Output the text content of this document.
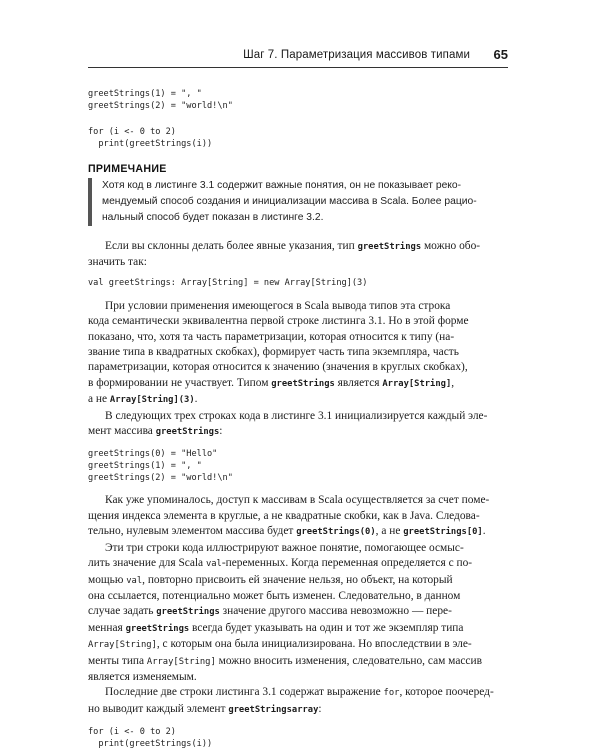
Шаг 7. Параметризация массивов типами 65
greetStrings(1) = ", "
greetStrings(2) = "world!\n"
for (i <- 0 to 2)
print(greetStrings(i))
ПРИМЕЧАНИЕ
Хотя код в листинге 3.1 содержит важные понятия, он не показывает реко-
мендуемый способ создания и инициализации массива в Scala. Более рацио-
нальный способ будет показан в листинге 3.2.

Если вы склонны делать более явные указания, тип greetStrings можно обо-

значить так:

val greetStrings: Array[String] = new Array[String](3)

При условии применения имеющегося в Scala вывода типов эта строка

кода семантически эквивалентна первой строке листинга 3.1. Но в этой форме

показано, что, хотя та часть параметризации, которая относится к типу (на-

звание типа в квадратных скобках), формирует часть типа экземпляра, часть

параметризации, которая относится к значению (значения в круглых скобках),

в формировании не участвует. Типом greetStrings является Array[String],

а не Array[String](3).

В следующих трех строках кода в листинге 3.1 инициализируется каждый эле-

мент массива greetStrings:

greetStrings(0) = "Hello"
greetStrings(1) = ", "
greetStrings(2) = "world!\n"

Как уже упоминалось, доступ к массивам в Scala осуществляется за счет поме-

щения индекса элемента в круглые, а не квадратные скобки, как в Java. Следова-

тельно, нулевым элементом массива будет greetStrings(0), а не greetStrings[0].

Эти три строки кода иллюстрируют важное понятие, помогающее осмыс-

лить значение для Scala val-переменных. Когда переменная определяется с по-

мощью val, повторно присвоить ей значение нельзя, но объект, на который

она ссылается, потенциально может быть изменен. Следовательно, в данном

случае задать greetStrings значение другого массива невозможно — пере-

менная greetStrings всегда будет указывать на один и тот же экземпляр типа

Array[String], с которым она была инициализирована. Но впоследствии в эле-

менты типа Array[String] можно вносить изменения, следовательно, сам массив

является изменяемым.

Последние две строки листинга 3.1 содержат выражение for, которое поочеред-

но выводит каждый элемент greetStringsarray:

for (i <- 0 to 2)
print(greetStrings(i))
